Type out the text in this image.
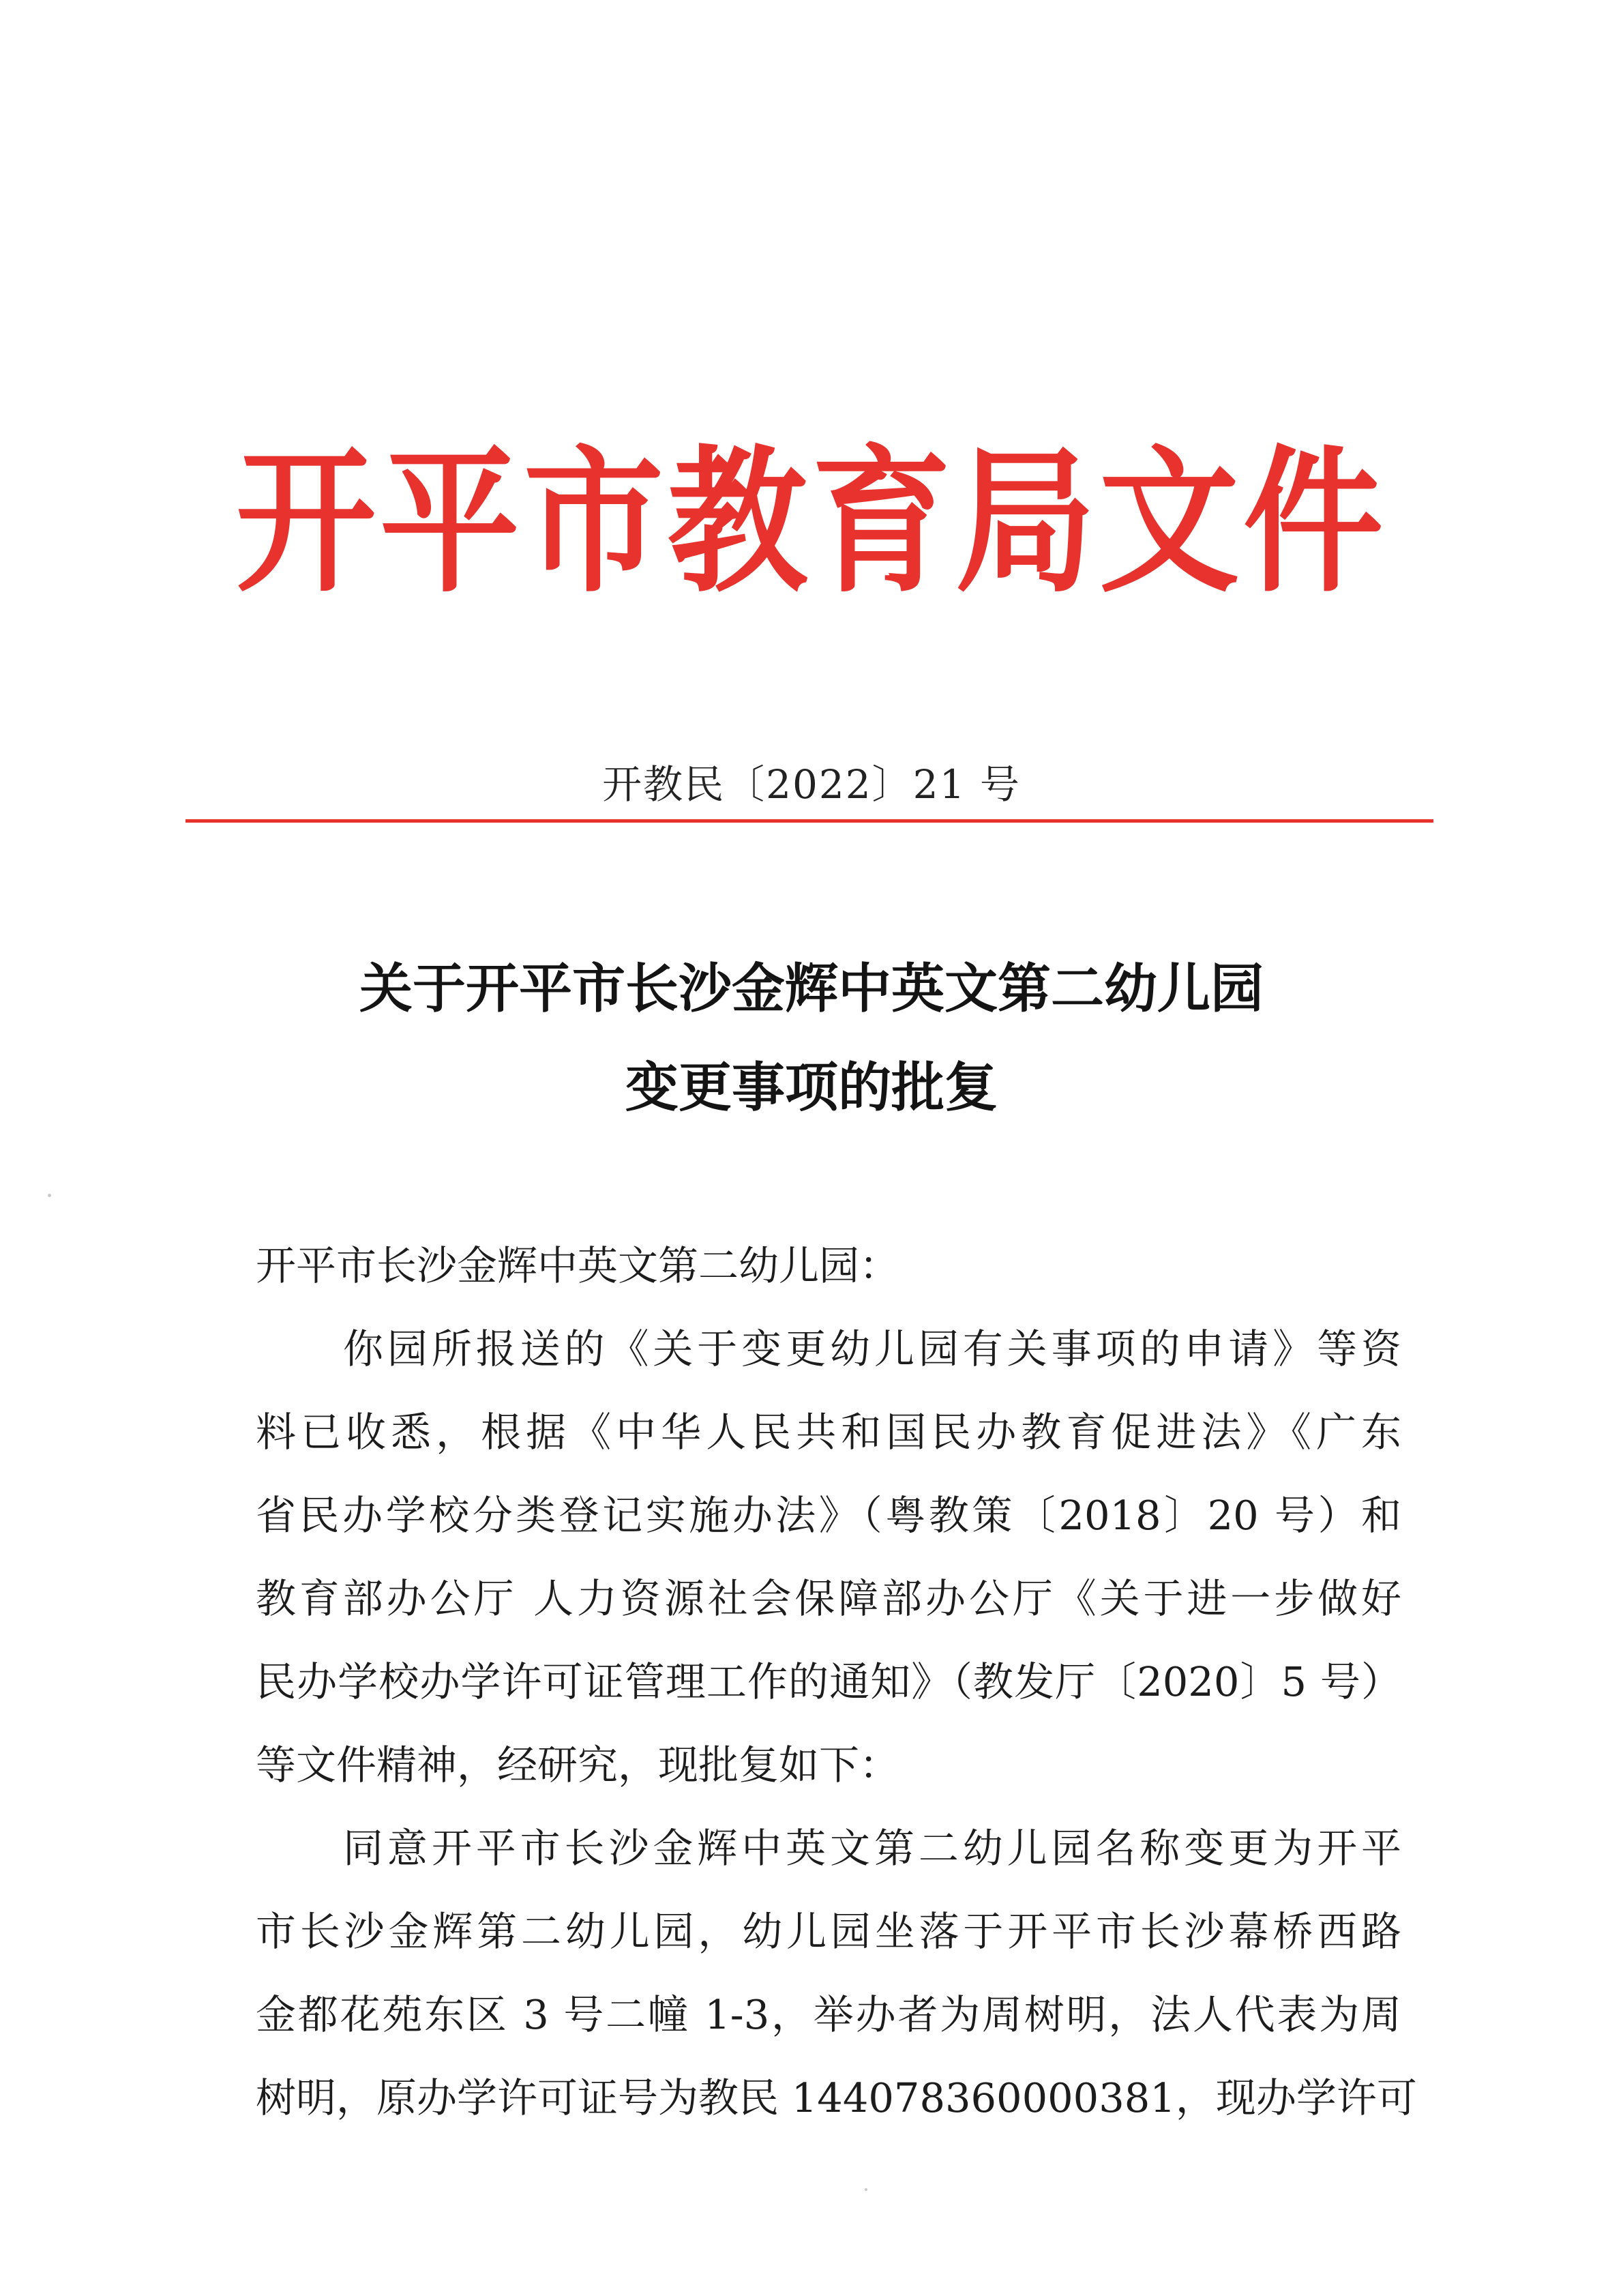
开平市教育局文件
开教民〔2022〕21 号
关于开平市长沙金辉中英文第二幼儿园
变更事项的批复
开平市长沙金辉中英文第二幼儿园：
你园所报送的《关于变更幼儿园有关事项的申请》等资
料已收悉，根据《中华人民共和国民办教育促进法》《广东
省民办学校分类登记实施办法》（粤教策〔2018〕20 号）和
教育部办公厅 人力资源社会保障部办公厅《关于进一步做好
民办学校办学许可证管理工作的通知》（教发厅〔2020〕5 号）
等文件精神，经研究，现批复如下：
同意开平市长沙金辉中英文第二幼儿园名称变更为开平
市长沙金辉第二幼儿园，幼儿园坐落于开平市长沙幕桥西路
金都花苑东区 3 号二幢 1-3，举办者为周树明，法人代表为周
树明，原办学许可证号为教民 144078360000381，现办学许可
